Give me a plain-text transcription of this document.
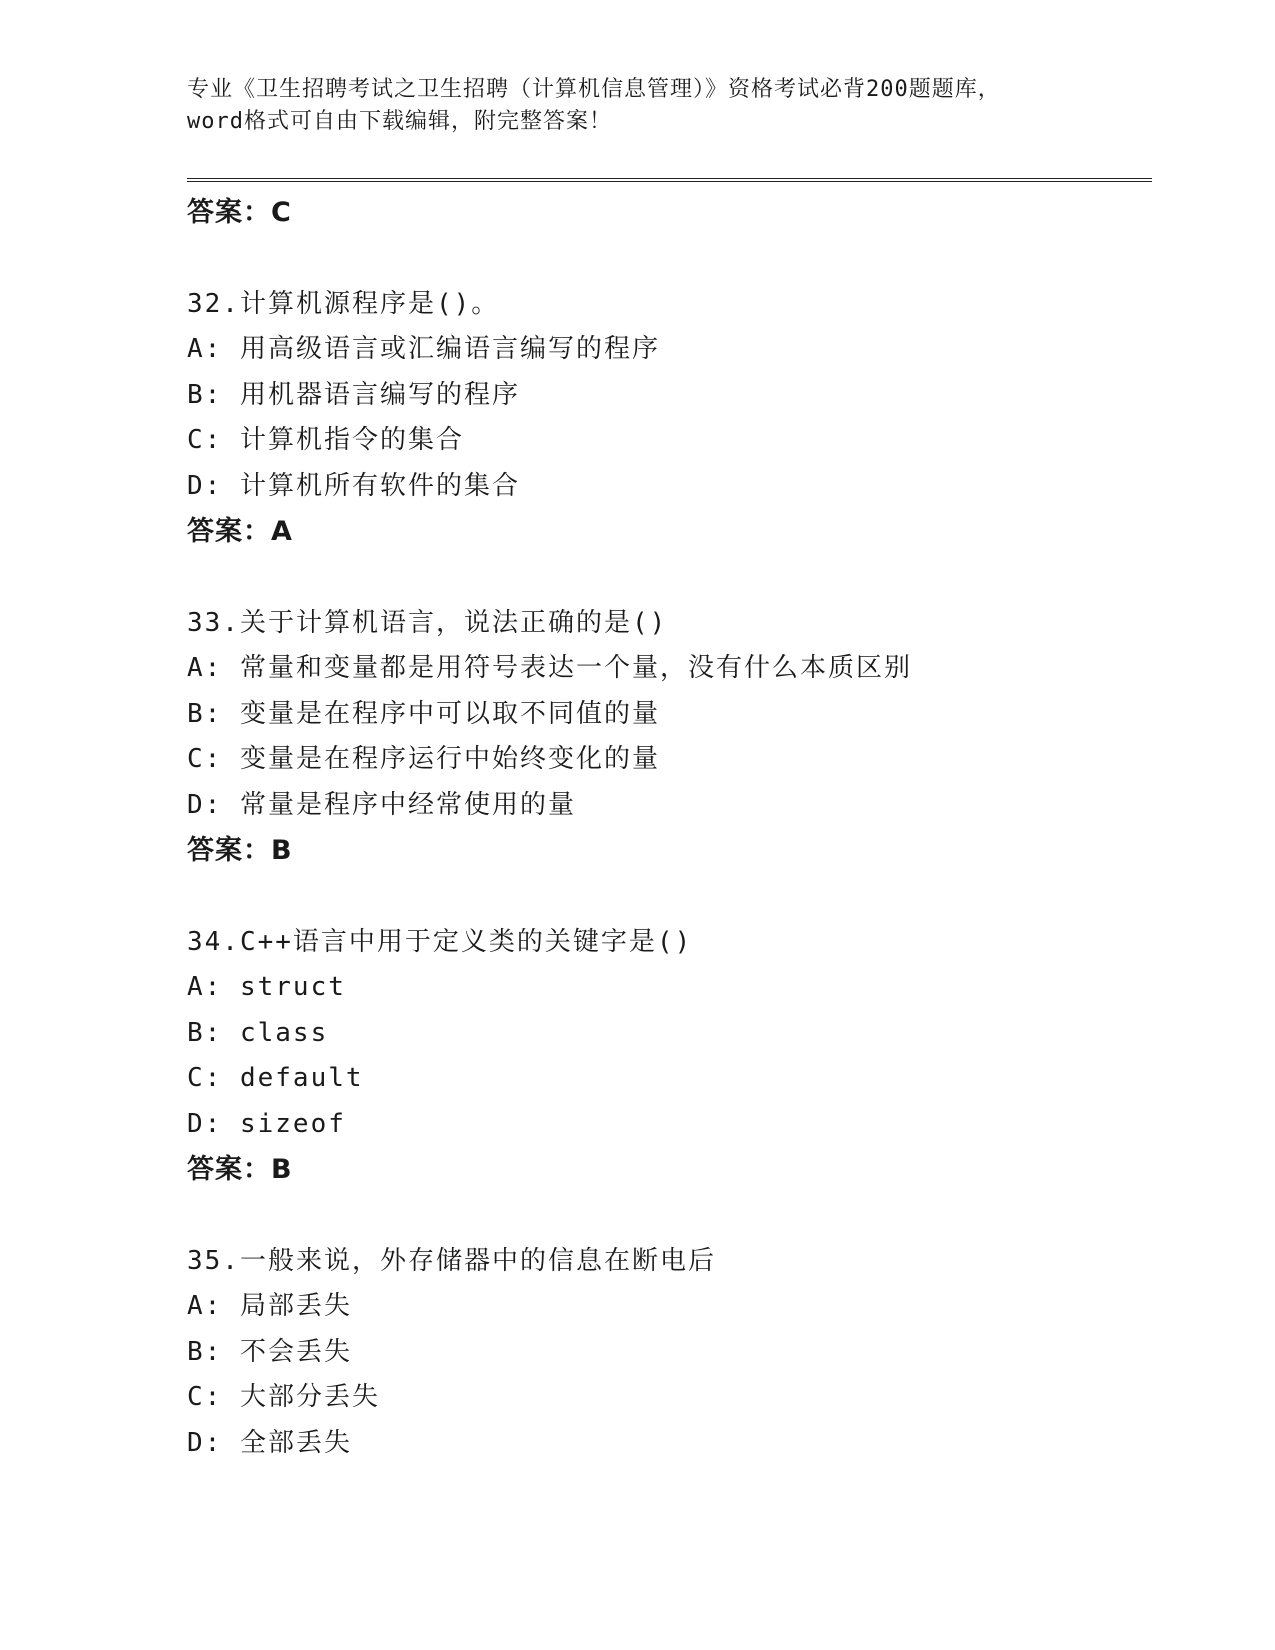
专业《卫生招聘考试之卫生招聘（计算机信息管理）》资格考试必背200题题库，

word格式可自由下载编辑，附完整答案！

答案：C
32.计算机源程序是()。
A: 用高级语言或汇编语言编写的程序
B: 用机器语言编写的程序
C: 计算机指令的集合
D: 计算机所有软件的集合
答案：A
33.关于计算机语言，说法正确的是()
A: 常量和变量都是用符号表达一个量，没有什么本质区别
B: 变量是在程序中可以取不同值的量
C: 变量是在程序运行中始终变化的量
D: 常量是程序中经常使用的量
答案：B
34.C++语言中用于定义类的关键字是()
A: struct
B: class
C: default
D: sizeof
答案：B
35.一般来说，外存储器中的信息在断电后
A: 局部丢失
B: 不会丢失
C: 大部分丢失
D: 全部丢失
